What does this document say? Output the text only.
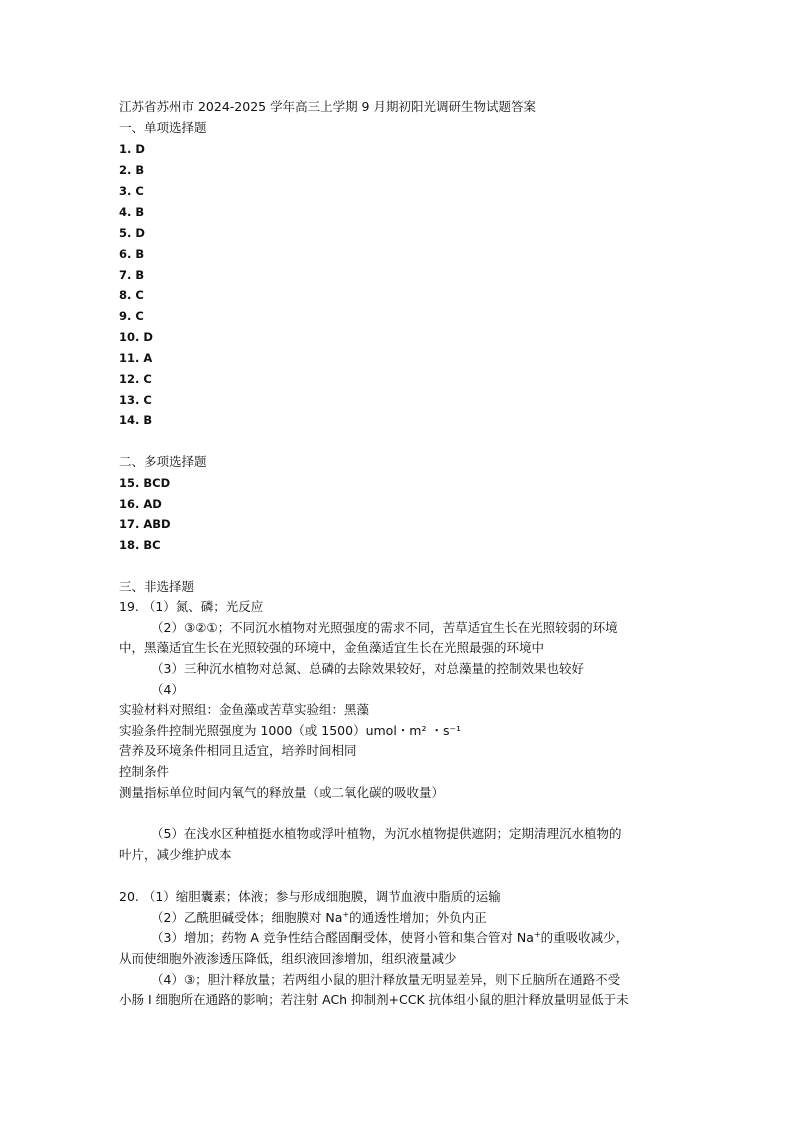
江苏省苏州市 2024-2025 学年高三上学期 9 月期初阳光调研生物试题答案
一、单项选择题
1. D
2. B
3. C
4. B
5. D
6. B
7. B
8. C
9. C
10. D
11. A
12. C
13. C
14. B
二、多项选择题
15. BCD
16. AD
17. ABD
18. BC
三、非选择题
19. （1）氮、磷；光反应
（2）③②①；不同沉水植物对光照强度的需求不同，苦草适宜生长在光照较弱的环境
中，黑藻适宜生长在光照较强的环境中，金鱼藻适宜生长在光照最强的环境中
（3）三种沉水植物对总氮、总磷的去除效果较好，对总藻量的控制效果也较好
（4）
实验材料对照组：金鱼藻或苦草实验组：黑藻
实验条件控制光照强度为 1000（或 1500）umol・m² ・s⁻¹
营养及环境条件相同且适宜，培养时间相同
控制条件
测量指标单位时间内氧气的释放量（或二氧化碳的吸收量）
（5）在浅水区种植挺水植物或浮叶植物，为沉水植物提供遮阴；定期清理沉水植物的
叶片，减少维护成本
20. （1）缩胆囊素；体液；参与形成细胞膜，调节血液中脂质的运输
（2）乙酰胆碱受体；细胞膜对 Na+的通透性增加；外负内正
（3）增加；药物 A 竞争性结合醛固酮受体，使肾小管和集合管对 Na+的重吸收减少，
从而使细胞外液渗透压降低，组织液回渗增加，组织液量减少
（4）③；胆汁释放量；若两组小鼠的胆汁释放量无明显差异，则下丘脑所在通路不受
小肠 I 细胞所在通路的影响；若注射 ACh 抑制剂+CCK 抗体组小鼠的胆汁释放量明显低于未
